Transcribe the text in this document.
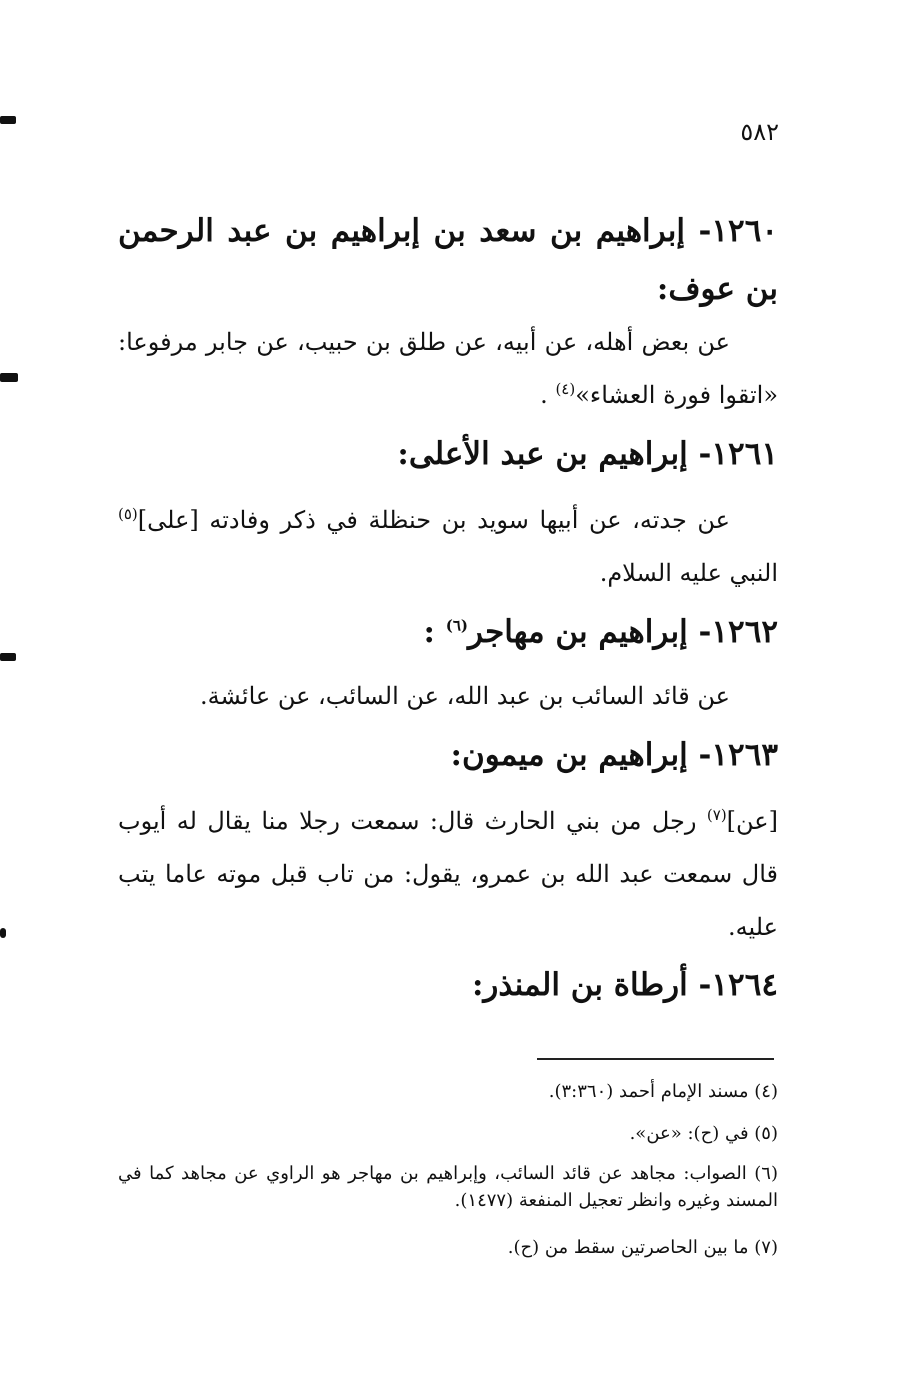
٥٨٢
١٢٦٠- إبراهيم بن سعد بن إبراهيم بن عبد الرحمن بن عوف:
عن بعض أهله، عن أبيه، عن طلق بن حبيب، عن جابر مرفوعا: «اتقوا فورة العشاء»$^{(٤)}$ .
١٢٦١- إبراهيم بن عبد الأعلى:
عن جدته، عن أبيها سويد بن حنظلة في ذكر وفادته [على]$^{(٥)}$ النبي عليه السلام.
١٢٦٢- إبراهيم بن مهاجر$^{(٦)}$ :
عن قائد السائب بن عبد الله، عن السائب، عن عائشة.
١٢٦٣- إبراهيم بن ميمون:
[عن]$^{(٧)}$ رجل من بني الحارث قال: سمعت رجلا منا يقال له أيوب قال سمعت عبد الله بن عمرو، يقول: من تاب قبل موته عاما يتب عليه.
١٢٦٤- أرطاة بن المنذر:
(٤) مسند الإمام أحمد (٣:٣٦٠).
(٥) في (ح): «عن».
(٦) الصواب: مجاهد عن قائد السائب، وإبراهيم بن مهاجر هو الراوي عن مجاهد كما في المسند وغيره وانظر تعجيل المنفعة (١٤٧٧).
(٧) ما بين الحاصرتين سقط من (ح).
